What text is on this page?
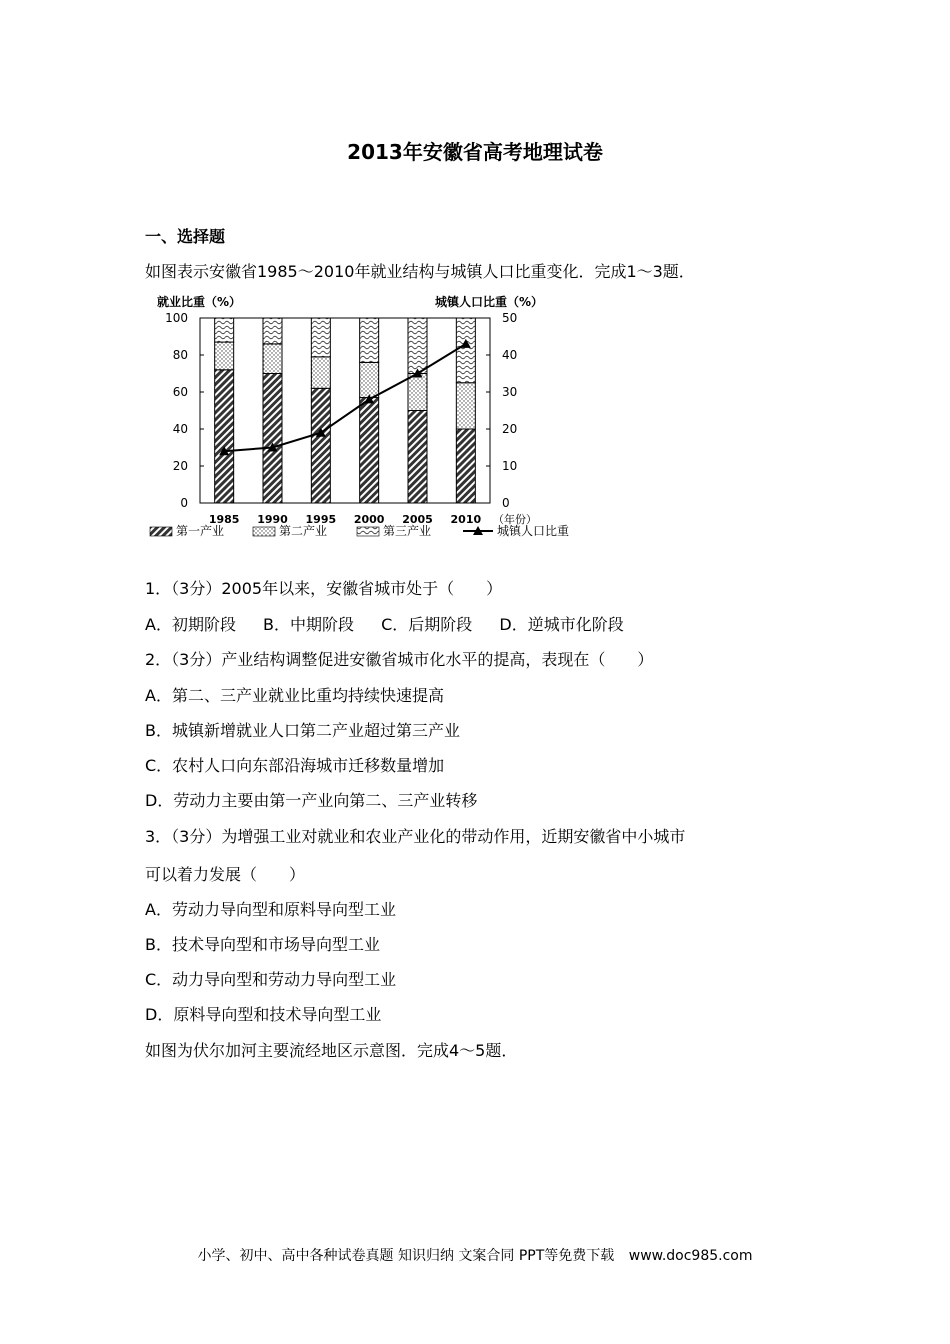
2013年安徽省高考地理试卷
一、选择题
如图表示安徽省1985～2010年就业结构与城镇人口比重变化．完成1～3题．
就业比重（%）	城镇人口比重（%）
0
20
40
60
80
100
0
10
20
30
40
50
1985 1990 1995 2000 2005 2010 （年份）
第一产业	第二产业	第三产业	城镇人口比重
1．（3分）2005年以来，安徽省城市处于（　　）
A．初期阶段 B．中期阶段 C．后期阶段 D．逆城市化阶段
2．（3分）产业结构调整促进安徽省城市化水平的提高，表现在（　　）
A．第二、三产业就业比重均持续快速提高
B．城镇新增就业人口第二产业超过第三产业
C．农村人口向东部沿海城市迁移数量增加
D．劳动力主要由第一产业向第二、三产业转移
3．（3分）为增强工业对就业和农业产业化的带动作用，近期安徽省中小城市
可以着力发展（　　）
A．劳动力导向型和原料导向型工业
B．技术导向型和市场导向型工业
C．动力导向型和劳动力导向型工业
D．原料导向型和技术导向型工业
如图为伏尔加河主要流经地区示意图．完成4～5题．
小学、初中、高中各种试卷真题 知识归纳 文案合同 PPT等免费下载 www.doc985.com
